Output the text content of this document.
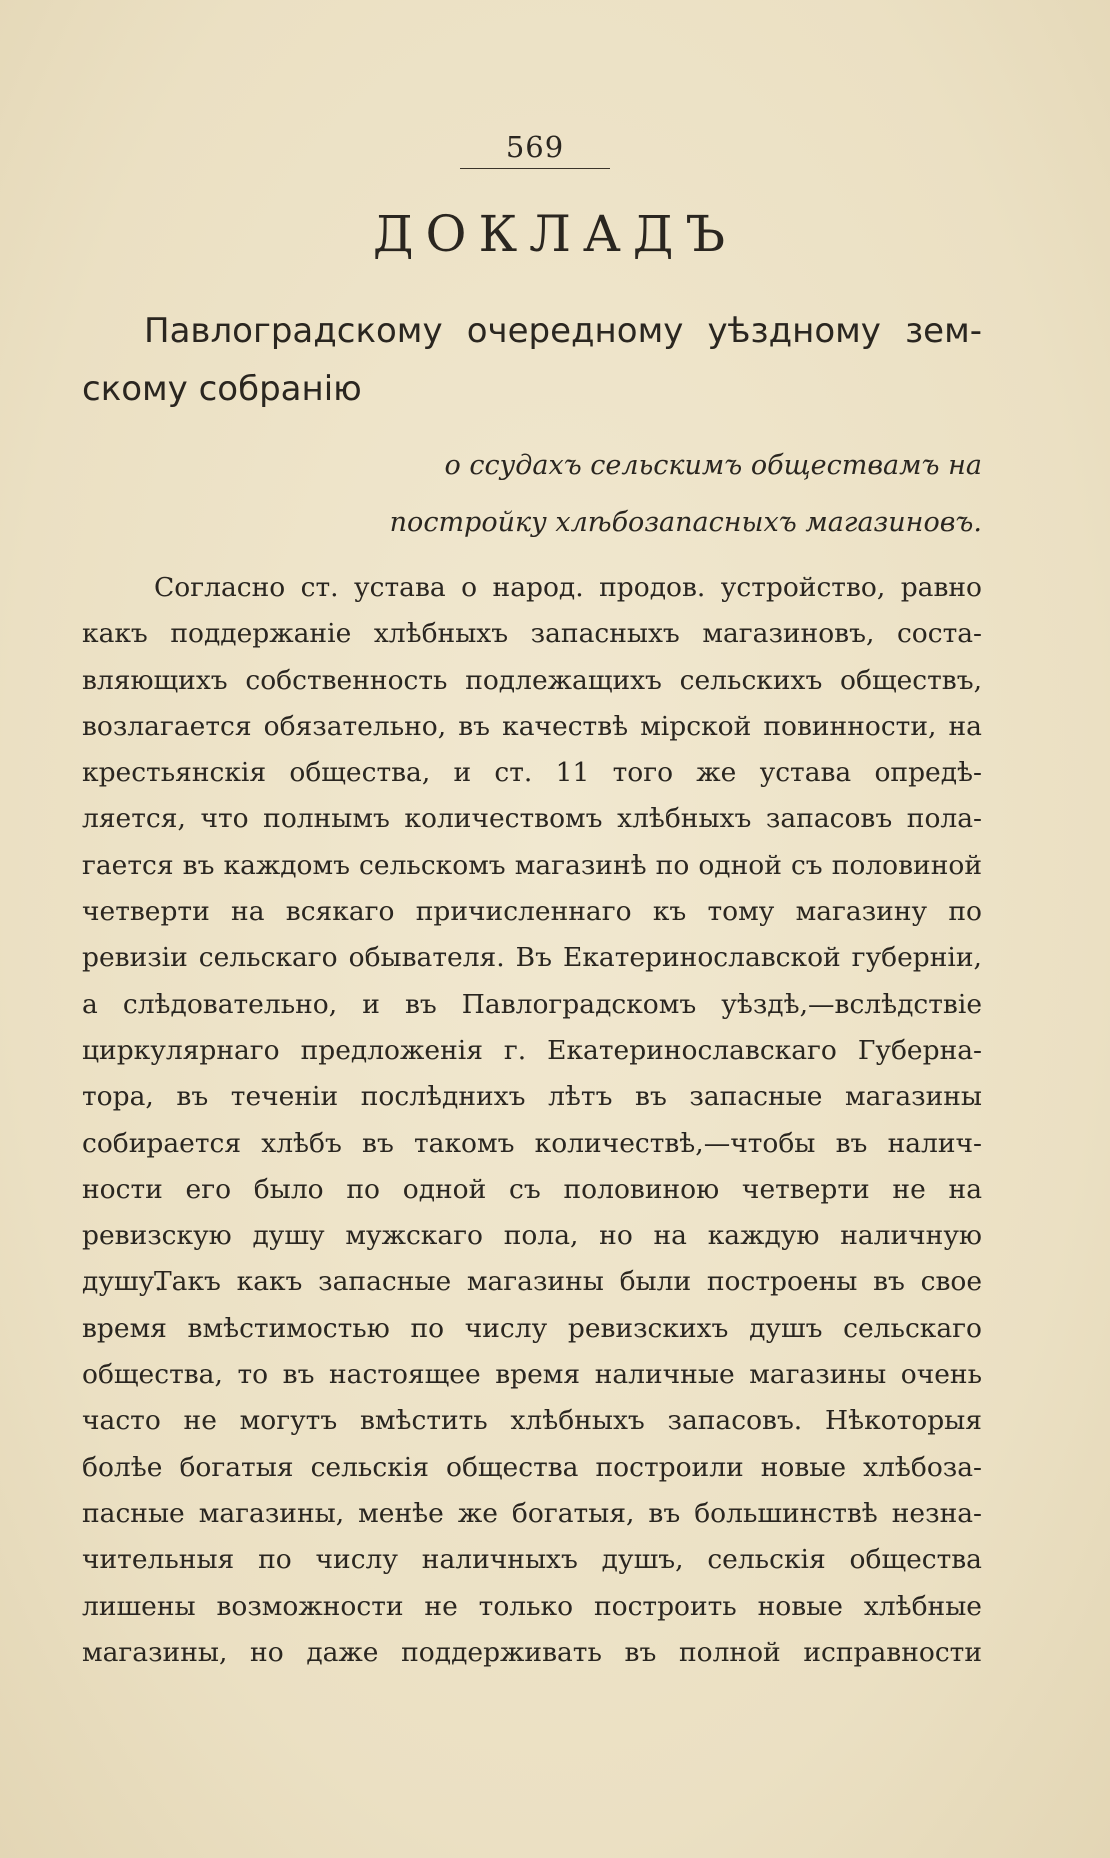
569
ДОКЛАДЪ
Павлоградскому очередному уѣздному зем-
скому собранію
о ссудахъ сельскимъ обществамъ на
постройку хлѣбозапасныхъ магазиновъ.
Согласно ст. устава о народ. продов. устройство, равно
какъ поддержаніе хлѣбныхъ запасныхъ магазиновъ, соста-
вляющихъ собственность подлежащихъ сельскихъ обществъ,
возлагается обязательно, въ качествѣ мірской повинности, на
крестьянскія общества, и ст. 11 того же устава опредѣ-
ляется, что полнымъ количествомъ хлѣбныхъ запасовъ пола-
гается въ каждомъ сельскомъ магазинѣ по одной съ половиной
четверти на всякаго причисленнаго къ тому магазину по
ревизіи сельскаго обывателя. Въ Екатеринославской губерніи,
а слѣдовательно, и въ Павлоградскомъ уѣздѣ,—вслѣдствіе
циркулярнаго предложенія г. Екатеринославскаго Губерна-
тора, въ теченіи послѣднихъ лѣтъ въ запасные магазины
собирается хлѣбъ въ такомъ количествѣ,—чтобы въ налич-
ности его было по одной съ половиною четверти не на
ревизскую душу мужскаго пола, но на каждую наличную душу.
Такъ какъ запасные магазины были построены въ свое
время вмѣстимостью по числу ревизскихъ душъ сельскаго
общества, то въ настоящее время наличные магазины очень
часто не могутъ вмѣстить хлѣбныхъ запасовъ. Нѣкоторыя
болѣе богатыя сельскія общества построили новые хлѣбоза-
пасные магазины, менѣе же богатыя, въ большинствѣ незна-
чительныя по числу наличныхъ душъ, сельскія общества
лишены возможности не только построить новые хлѣбные
магазины, но даже поддерживать въ полной исправности
